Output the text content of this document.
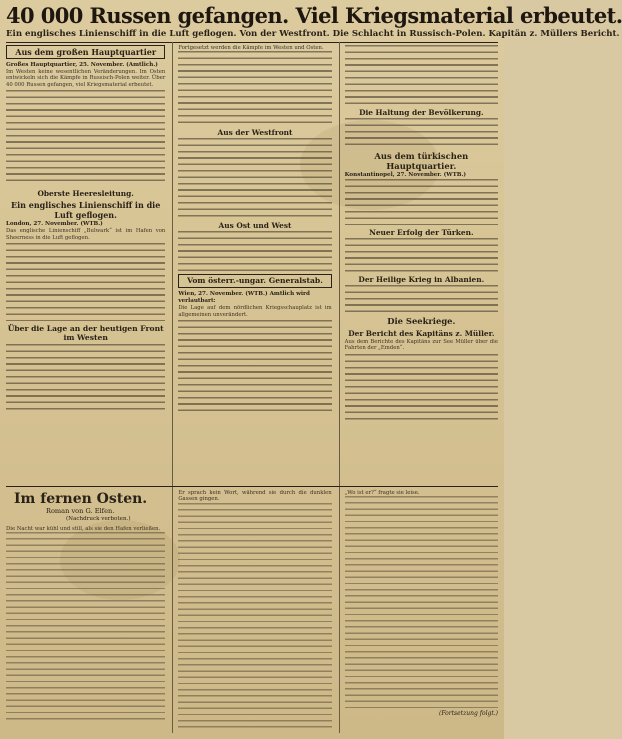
40 000 Russen gefangen. Viel Kriegsmaterial erbeutet.
Ein englisches Linienschiff in die Luft geflogen. Von der Westfront. Die Schlacht in Russisch-Polen. Kapitän z. Müllers Bericht.
Aus dem großen Hauptquartier
Großes Hauptquartier, 25. November. (Amtlich.)
Im Westen keine wesentlichen Veränderungen. Im Osten entwickeln sich die Kämpfe in Russisch-Polen weiter. Über 40 000 Russen gefangen, viel Kriegsmaterial erbeutet.
Oberste Heeresleitung.
Ein englisches Linienschiff in die Luft geflogen.
London, 27. November. (WTB.)
Das englische Linienschiff „Bulwark“ ist im Hafen von Sheerness in die Luft geflogen.
Über die Lage an der heutigen Front im Westen
Fortgesetzt werden die Kämpfe im Westen und Osten.
Aus der Westfront
Aus Ost und West
Vom österr.-ungar. Generalstab.
Wien, 27. November. (WTB.) Amtlich wird verlautbart:
Die Lage auf dem nördlichen Kriegsschauplatz ist im allgemeinen unverändert.
Die Haltung der Bevölkerung.
Aus dem türkischen Hauptquartier.
Konstantinopel, 27. November. (WTB.)
Neuer Erfolg der Türken.
Der Heilige Krieg in Albanien.
Die Seekriege.
Der Bericht des Kapitäns z. Müller.
Aus dem Berichte des Kapitäns zur See Müller über die Fahrten der „Emden“.
Im fernen Osten.
Roman von G. Elfen.
(Nachdruck verboten.)
Die Nacht war kühl und still, als sie den Hafen verließen.
Er sprach kein Wort, während sie durch die dunklen Gassen gingen.
„Wo ist er?“ fragte sie leise.
(Fortsetzung folgt.)
